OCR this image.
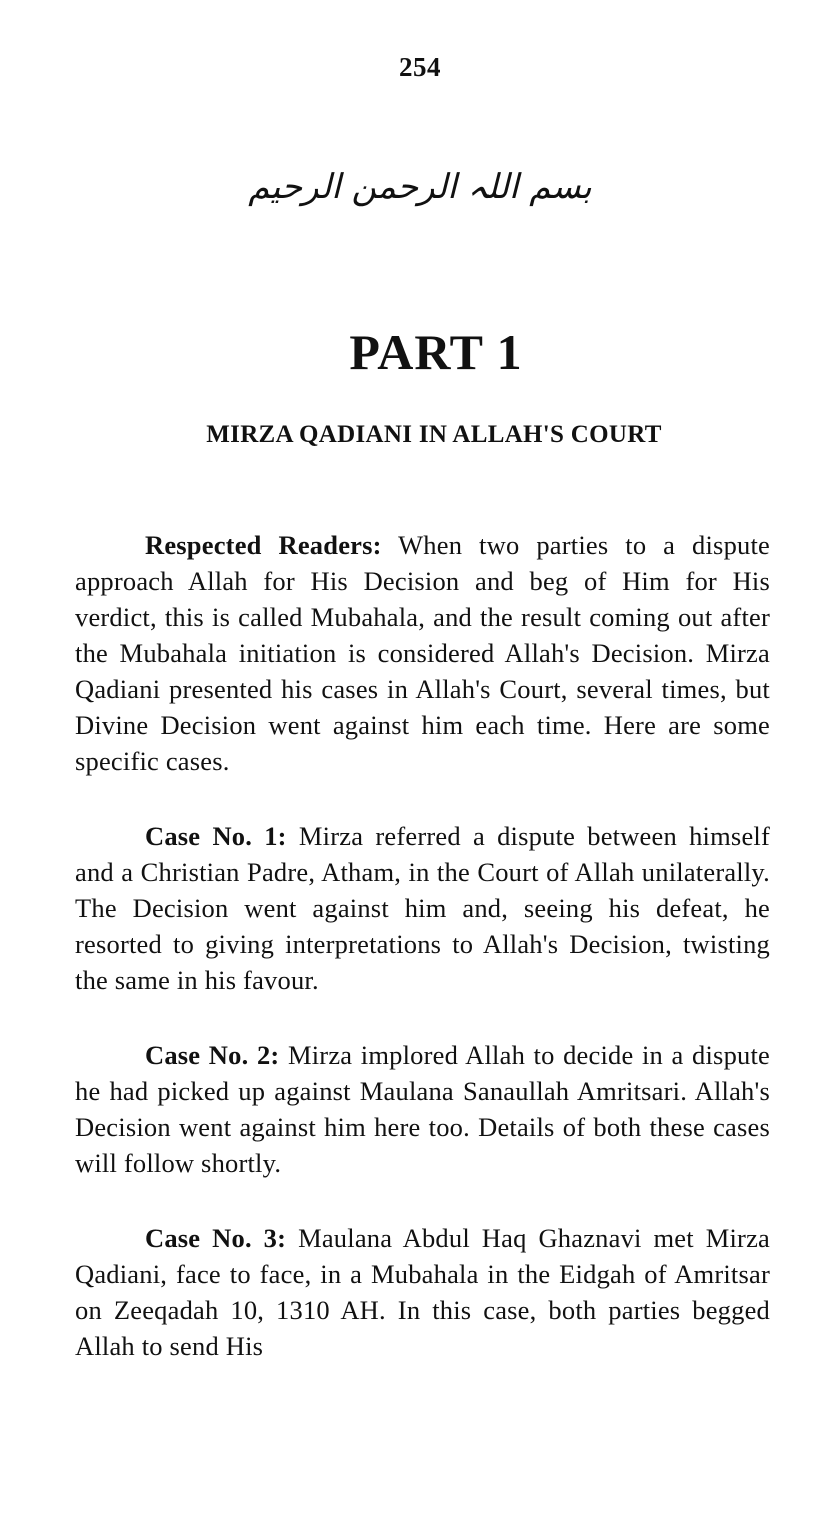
254
بسم اللہ الرحمن الرحیم
PART 1
MIRZA QADIANI IN ALLAH'S COURT

Respected Readers: When two parties to a dispute approach Allah for His Decision and beg of Him for His verdict, this is called Mubahala, and the result coming out after the Mubahala initiation is considered Allah's Decision. Mirza Qadiani presented his cases in Allah's Court, several times, but Divine Decision went against him each time. Here are some specific cases.

Case No. 1: Mirza referred a dispute between himself and a Christian Padre, Atham, in the Court of Allah unilaterally. The Decision went against him and, seeing his defeat, he resorted to giving interpretations to Allah's Decision, twisting the same in his favour.

Case No. 2: Mirza implored Allah to decide in a dispute he had picked up against Maulana Sanaullah Amritsari. Allah's Decision went against him here too. Details of both these cases will follow shortly.

Case No. 3: Maulana Abdul Haq Ghaznavi met Mirza Qadiani, face to face, in a Mubahala in the Eidgah of Amritsar on Zeeqadah 10, 1310 AH. In this case, both parties begged Allah to send His
